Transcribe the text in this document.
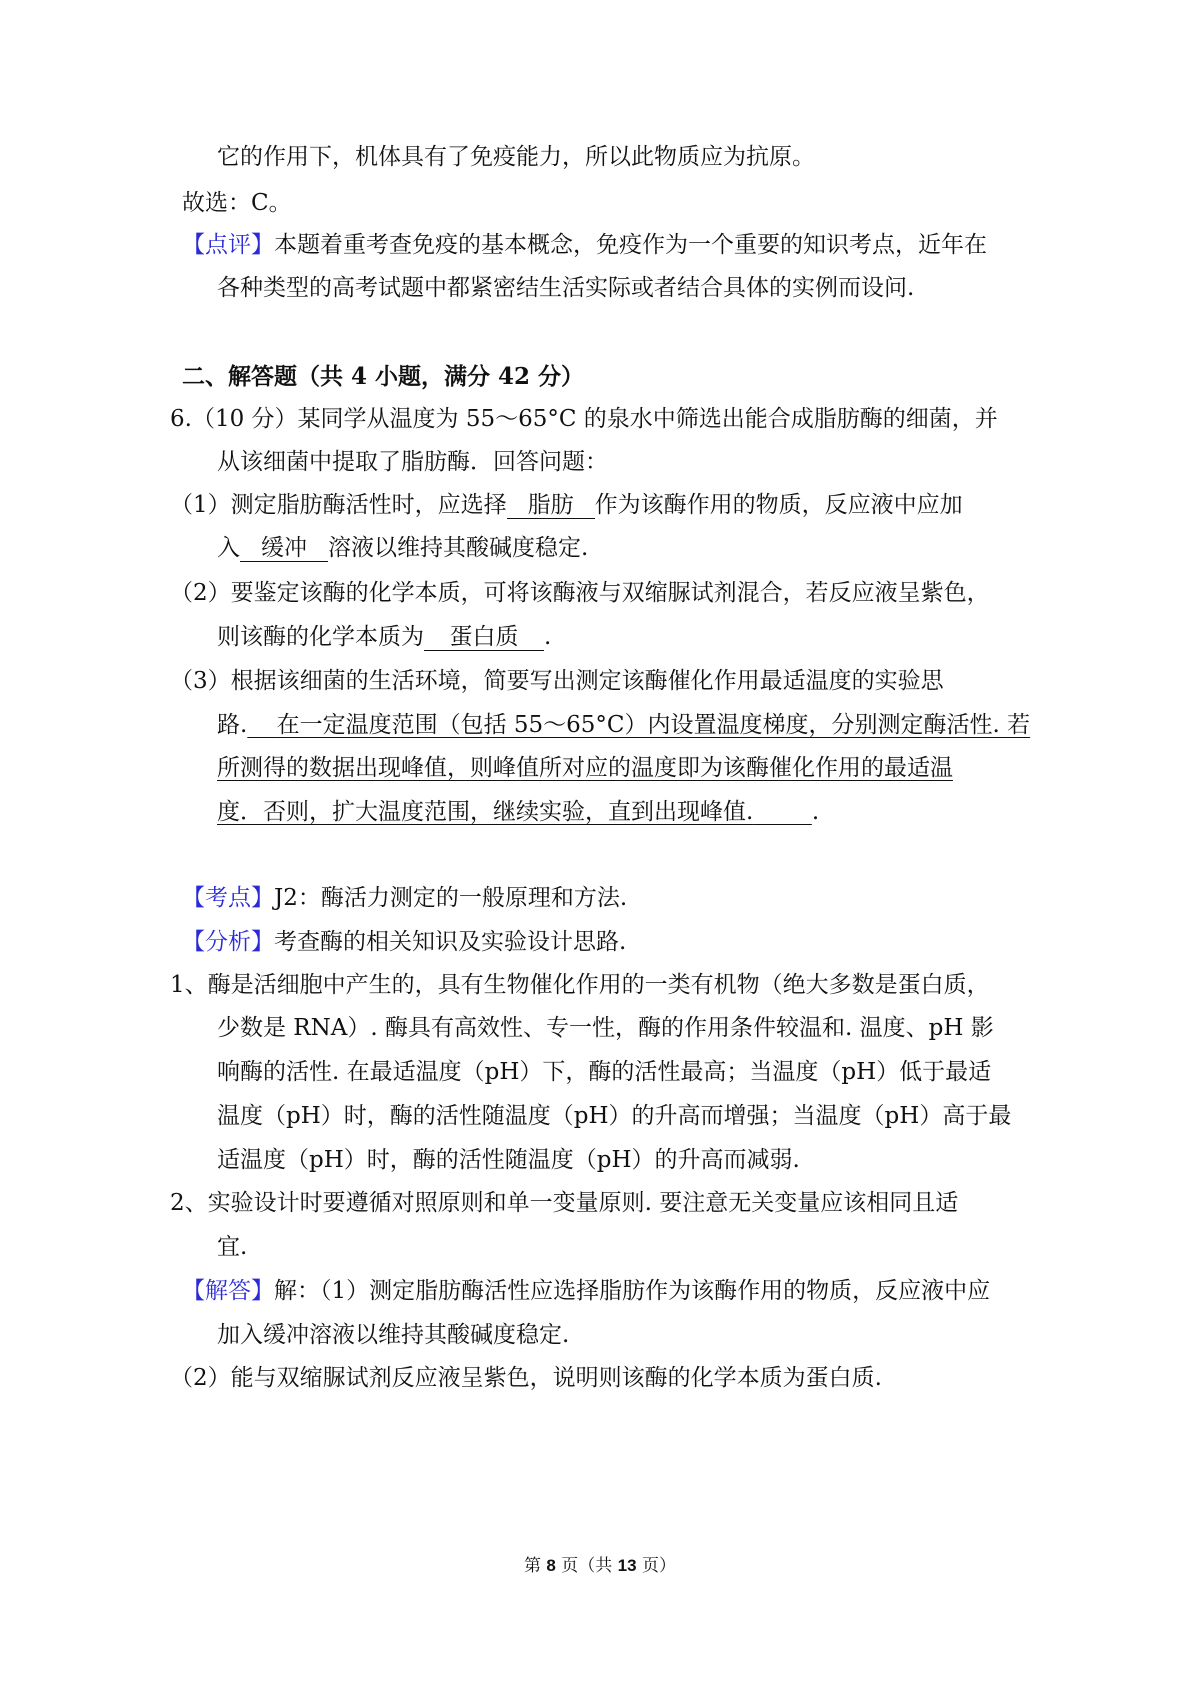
它的作用下，机体具有了免疫能力，所以此物质应为抗原。
故选：C。
【点评】本题着重考查免疫的基本概念，免疫作为一个重要的知识考点，近年在
各种类型的高考试题中都紧密结生活实际或者结合具体的实例而设问.
二、解答题（共 4 小题，满分 42 分）
6.（10 分）某同学从温度为 55～65°C 的泉水中筛选出能合成脂肪酶的细菌，并
从该细菌中提取了脂肪酶．回答问题：
（1）测定脂肪酶活性时，应选择 脂肪 作为该酶作用的物质，反应液中应加
入 缓冲 溶液以维持其酸碱度稳定.
（2）要鉴定该酶的化学本质，可将该酶液与双缩脲试剂混合，若反应液呈紫色，
则该酶的化学本质为 蛋白质 .
（3）根据该细菌的生活环境，简要写出测定该酶催化作用最适温度的实验思
路. 在一定温度范围（包括 55～65°C）内设置温度梯度，分别测定酶活性. 若
所测得的数据出现峰值，则峰值所对应的温度即为该酶催化作用的最适温
度．否则，扩大温度范围，继续实验，直到出现峰值.	.
【考点】J2：酶活力测定的一般原理和方法.
【分析】考查酶的相关知识及实验设计思路.
1、酶是活细胞中产生的，具有生物催化作用的一类有机物（绝大多数是蛋白质，
少数是 RNA）. 酶具有高效性、专一性，酶的作用条件较温和. 温度、pH 影
响酶的活性. 在最适温度（pH）下，酶的活性最高；当温度（pH）低于最适
温度（pH）时，酶的活性随温度（pH）的升高而增强；当温度（pH）高于最
适温度（pH）时，酶的活性随温度（pH）的升高而减弱.
2、实验设计时要遵循对照原则和单一变量原则. 要注意无关变量应该相同且适
宜.
【解答】解：（1）测定脂肪酶活性应选择脂肪作为该酶作用的物质，反应液中应
加入缓冲溶液以维持其酸碱度稳定.
（2）能与双缩脲试剂反应液呈紫色，说明则该酶的化学本质为蛋白质.
第 8 页（共 13 页）
